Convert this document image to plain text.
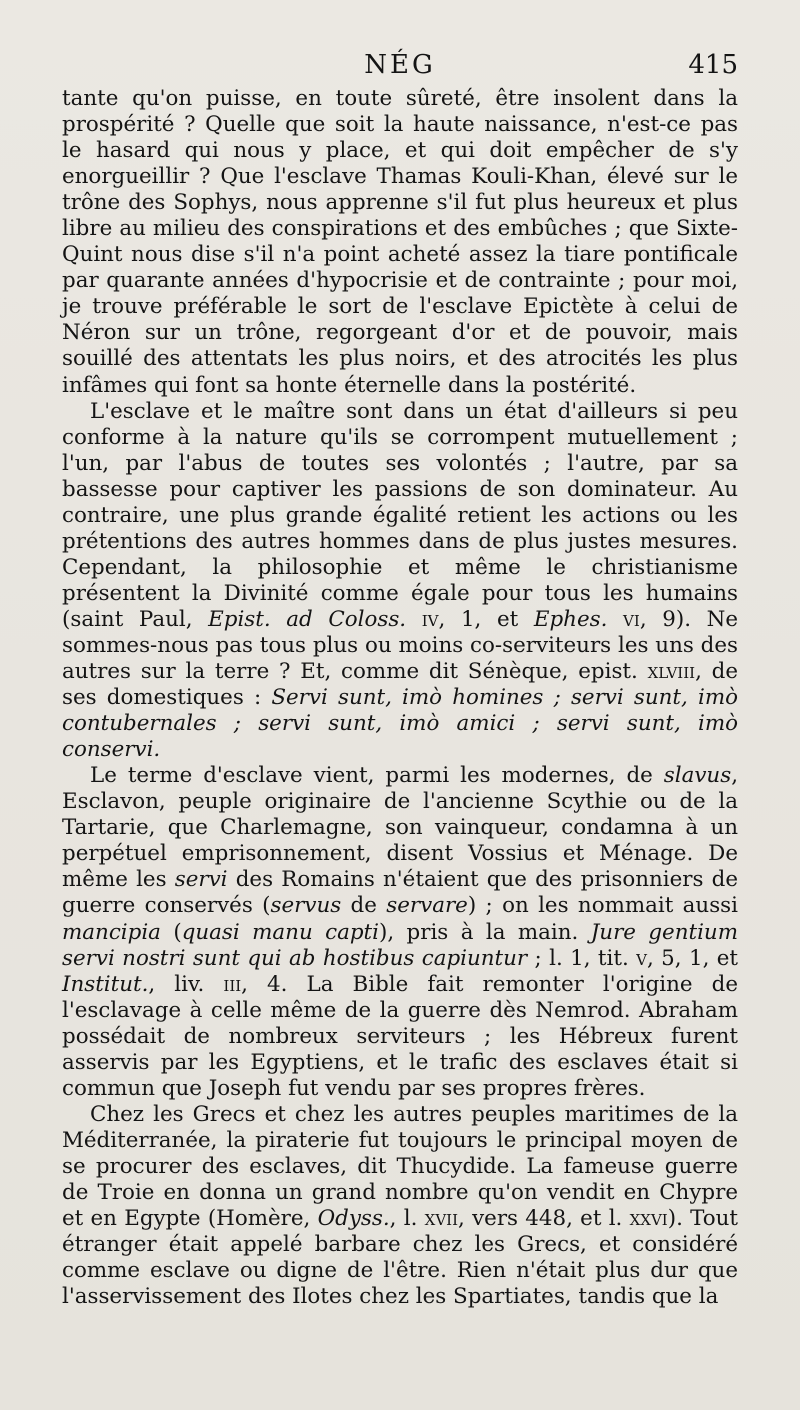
NÉG	415

tante qu'on puisse, en toute sûreté, être insolent dans la prospérité ? Quelle que soit la haute naissance, n'est-ce pas le hasard qui nous y place, et qui doit empêcher de s'y enorgueillir ? Que l'esclave Thamas Kouli-Khan, élevé sur le trône des Sophys, nous apprenne s'il fut plus heureux et plus libre au milieu des conspirations et des embûches ; que Sixte-Quint nous dise s'il n'a point acheté assez la tiare pontificale par quarante années d'hypocrisie et de contrainte ; pour moi, je trouve préférable le sort de l'esclave Epictète à celui de Néron sur un trône, regorgeant d'or et de pouvoir, mais souillé des attentats les plus noirs, et des atrocités les plus infâmes qui font sa honte éternelle dans la postérité.

L'esclave et le maître sont dans un état d'ailleurs si peu conforme à la nature qu'ils se corrompent mutuellement ; l'un, par l'abus de toutes ses volontés ; l'autre, par sa bassesse pour captiver les passions de son dominateur. Au contraire, une plus grande égalité retient les actions ou les prétentions des autres hommes dans de plus justes mesures. Cependant, la philosophie et même le christianisme présentent la Divinité comme égale pour tous les humains (saint Paul, Epist. ad Coloss. iv, 1, et Ephes. vi, 9). Ne sommes-nous pas tous plus ou moins co-serviteurs les uns des autres sur la terre ? Et, comme dit Sénèque, epist. xlviii, de ses domestiques : Servi sunt, imò homines ; servi sunt, imò contubernales ; servi sunt, imò amici ; servi sunt, imò conservi.

Le terme d'esclave vient, parmi les modernes, de slavus, Esclavon, peuple originaire de l'ancienne Scythie ou de la Tartarie, que Charlemagne, son vainqueur, condamna à un perpétuel emprisonnement, disent Vossius et Ménage. De même les servi des Romains n'étaient que des prisonniers de guerre conservés (servus de servare) ; on les nommait aussi mancipia (quasi manu capti), pris à la main. Jure gentium servi nostri sunt qui ab hostibus capiuntur ; l. 1, tit. v, 5, 1, et Institut., liv. iii, 4. La Bible fait remonter l'origine de l'esclavage à celle même de la guerre dès Nemrod. Abraham possédait de nombreux serviteurs ; les Hébreux furent asservis par les Egyptiens, et le trafic des esclaves était si commun que Joseph fut vendu par ses propres frères.

Chez les Grecs et chez les autres peuples maritimes de la Méditerranée, la piraterie fut toujours le principal moyen de se procurer des esclaves, dit Thucydide. La fameuse guerre de Troie en donna un grand nombre qu'on vendit en Chypre et en Egypte (Homère, Odyss., l. xvii, vers 448, et l. xxvi). Tout étranger était appelé barbare chez les Grecs, et considéré comme esclave ou digne de l'être. Rien n'était plus dur que l'asservissement des Ilotes chez les Spartiates, tandis que la
